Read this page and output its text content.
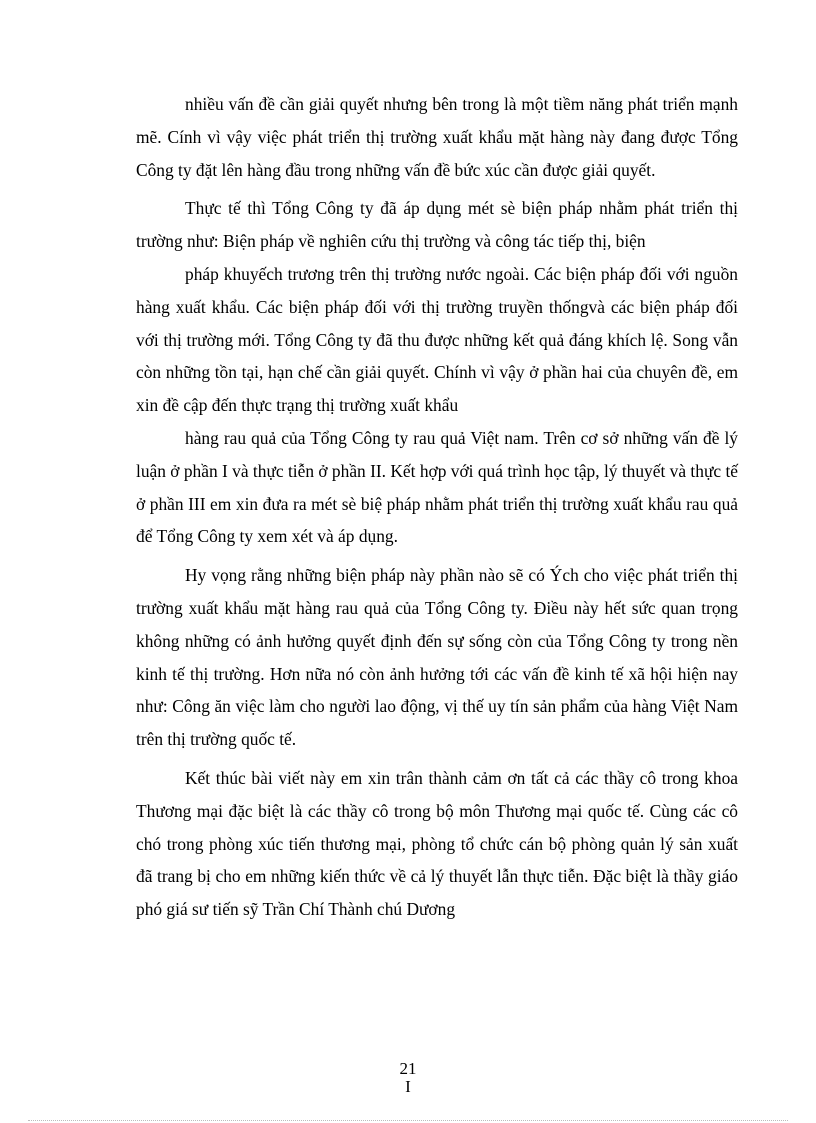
nhiều vấn đề cần giải quyết nhưng bên trong là một tiềm năng phát triển mạnh mẽ. Cính vì vậy việc phát triển thị trường xuất khẩu mặt hàng này đang được Tổng Công ty đặt lên hàng đầu trong những vấn đề bức xúc cần được giải quyết.

Thực tế thì Tổng Công ty đã áp dụng mét sè biện pháp nhằm phát triển thị trường như: Biện pháp về nghiên cứu thị trường và công tác tiếp thị, biện

pháp khuyếch trương trên thị trường nước ngoài. Các biện pháp đối với nguồn hàng xuất khẩu. Các biện pháp đối với thị trường truyền thốngvà các biện pháp đối với thị trường mới. Tổng Công ty đã thu được những kết quả đáng khích lệ. Song vẫn còn những tồn tại, hạn chế cần giải quyết. Chính vì vậy ở phần hai của chuyên đề, em xin đề cập đến thực trạng thị trường xuất khẩu

hàng rau quả của Tổng Công ty rau quả Việt nam. Trên cơ sở những vấn đề lý luận ở phần I và thực tiễn ở phần II. Kết hợp với quá trình học tập, lý thuyết và thực tế ở phần III em xin đưa ra mét sè biệ pháp nhằm phát triển thị trường xuất khẩu rau quả để Tổng Công ty xem xét và áp dụng.

Hy vọng rằng những biện pháp này phần nào sẽ có Ých cho việc phát triển thị trường xuất khẩu mặt hàng rau quả của Tổng Công ty. Điều này hết sức quan trọng không những có ảnh hưởng quyết định đến sự sống còn của Tổng Công ty trong nền kinh tế thị trường. Hơn nữa nó còn ảnh hưởng tới các vấn đề kinh tế xã hội hiện nay như: Công ăn việc làm cho người lao động, vị thế uy tín sản phẩm của hàng Việt Nam trên thị trường quốc tế.

Kết thúc bài viết này em xin trân thành cảm ơn tất cả các thầy cô trong khoa Thương mại đặc biệt là các thầy cô trong bộ môn Thương mại quốc tế. Cùng các cô chó trong phòng xúc tiến thương mại, phòng tổ chức cán bộ phòng quản lý sản xuất đã trang bị cho em những kiến thức về cả lý thuyết lẫn thực tiễn. Đặc biệt là thầy giáo phó giá sư tiến sỹ Trần Chí Thành chú Dương

21
I
